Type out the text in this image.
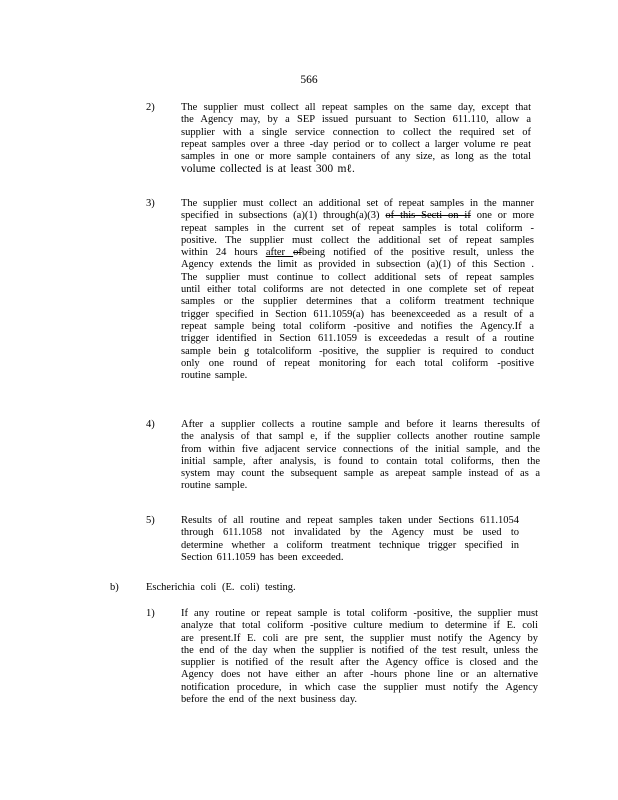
566
2)	The supplier must collect all repeat samples on the same day, except that
the Agency may, by a SEP issued pursuant to Section 611.110, allow a
supplier with a single service connection to collect the required set of
repeat samples over a three -day period or to collect a larger volume re peat
samples in one or more sample containers of any size, as long as the total
volume collected is at least 300 mℓ.
3)	The supplier must collect an additional set of repeat samples in the manner
specified in subsections (a)(1) through(a)(3) of this Secti on if one or more
repeat samples in the current set of repeat samples is total coliform -
positive. The supplier must collect the additional set of repeat samples
within 24 hours after ofbeing notified of the positive result, unless the
Agency extends the limit as provided in subsection (a)(1) of this Section .
The supplier must continue to collect additional sets of repeat samples
until either total coliforms are not detected in one complete set of repeat
samples or the supplier determines that a coliform treatment technique
trigger specified in Section 611.1059(a) has beenexceeded as a result of a
repeat sample being total coliform -positive and notifies the Agency.If a
trigger identified in Section 611.1059 is exceededas a result of a routine
sample bein g totalcoliform -positive, the supplier is required to conduct
only one round of repeat monitoring for each total coliform -positive
routine sample.
4)	After a supplier collects a routine sample and before it learns theresults of
the analysis of that sampl e, if the supplier collects another routine sample
from within five adjacent service connections of the initial sample, and the
initial sample, after analysis, is found to contain total coliforms, then the
system may count the subsequent sample as arepeat sample instead of as a
routine sample.
5)	Results of all routine and repeat samples taken under Sections 611.1054
through 611.1058 not invalidated by the Agency must be used to
determine whether a coliform treatment technique trigger specified in
Section 611.1059 has been exceeded.
b)	Escherichia coli (E. coli) testing.
1)	If any routine or repeat sample is total coliform -positive, the supplier must
analyze that total coliform -positive culture medium to determine if E. coli
are present.If E. coli are pre sent, the supplier must notify the Agency by
the end of the day when the supplier is notified of the test result, unless the
supplier is notified of the result after the Agency office is closed and the
Agency does not have either an after -hours phone line or an alternative
notification procedure, in which case the supplier must notify the Agency
before the end of the next business day.
